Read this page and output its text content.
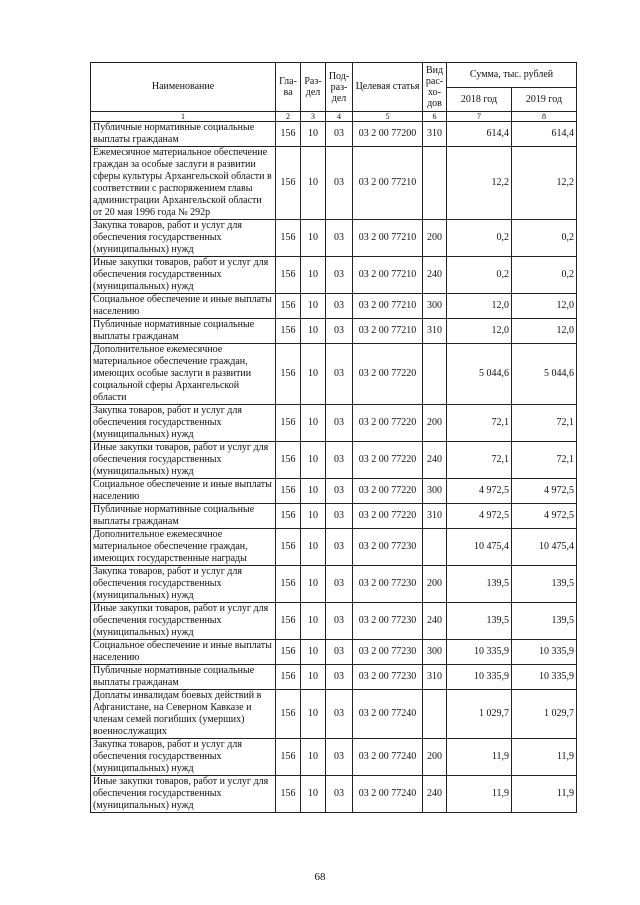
Наименование	Гла-ва	Раз-дел	Под-раз-дел	Целевая статья	Вид рас-хо-дов	Сумма, тыс. рублей	
						2018 год	2019 год
1	2	3	4	5	6	7	8
Публичные нормативные социальные выплаты гражданам	156	10	03	03 2 00 77200	310	614,4	614,4
Ежемесячное материальное обеспечение граждан за особые заслуги в развитии сферы культуры Архангельской области в соответствии с распоряжением главы администрации Архангельской области от 20 мая 1996 года № 292р	156	10	03	03 2 00 77210		12,2	12,2
Закупка товаров, работ и услуг для обеспечения государственных (муниципальных) нужд	156	10	03	03 2 00 77210	200	0,2	0,2
Иные закупки товаров, работ и услуг для обеспечения государственных (муниципальных) нужд	156	10	03	03 2 00 77210	240	0,2	0,2
Социальное обеспечение и иные выплаты населению	156	10	03	03 2 00 77210	300	12,0	12,0
Публичные нормативные социальные выплаты гражданам	156	10	03	03 2 00 77210	310	12,0	12,0
Дополнительное ежемесячное материальное обеспечение граждан, имеющих особые заслуги в развитии социальной сферы Архангельской области	156	10	03	03 2 00 77220		5 044,6	5 044,6
Закупка товаров, работ и услуг для обеспечения государственных (муниципальных) нужд	156	10	03	03 2 00 77220	200	72,1	72,1
Иные закупки товаров, работ и услуг для обеспечения государственных (муниципальных) нужд	156	10	03	03 2 00 77220	240	72,1	72,1
Социальное обеспечение и иные выплаты населению	156	10	03	03 2 00 77220	300	4 972,5	4 972,5
Публичные нормативные социальные выплаты гражданам	156	10	03	03 2 00 77220	310	4 972,5	4 972,5
Дополнительное ежемесячное материальное обеспечение граждан, имеющих государственные награды	156	10	03	03 2 00 77230		10 475,4	10 475,4
Закупка товаров, работ и услуг для обеспечения государственных (муниципальных) нужд	156	10	03	03 2 00 77230	200	139,5	139,5
Иные закупки товаров, работ и услуг для обеспечения государственных (муниципальных) нужд	156	10	03	03 2 00 77230	240	139,5	139,5
Социальное обеспечение и иные выплаты населению	156	10	03	03 2 00 77230	300	10 335,9	10 335,9
Публичные нормативные социальные выплаты гражданам	156	10	03	03 2 00 77230	310	10 335,9	10 335,9
Доплаты инвалидам боевых действий в Афганистане, на Северном Кавказе и членам семей погибших (умерших) военнослужащих	156	10	03	03 2 00 77240		1 029,7	1 029,7
Закупка товаров, работ и услуг для обеспечения государственных (муниципальных) нужд	156	10	03	03 2 00 77240	200	11,9	11,9
Иные закупки товаров, работ и услуг для обеспечения государственных (муниципальных) нужд	156	10	03	03 2 00 77240	240	11,9	11,9
68
